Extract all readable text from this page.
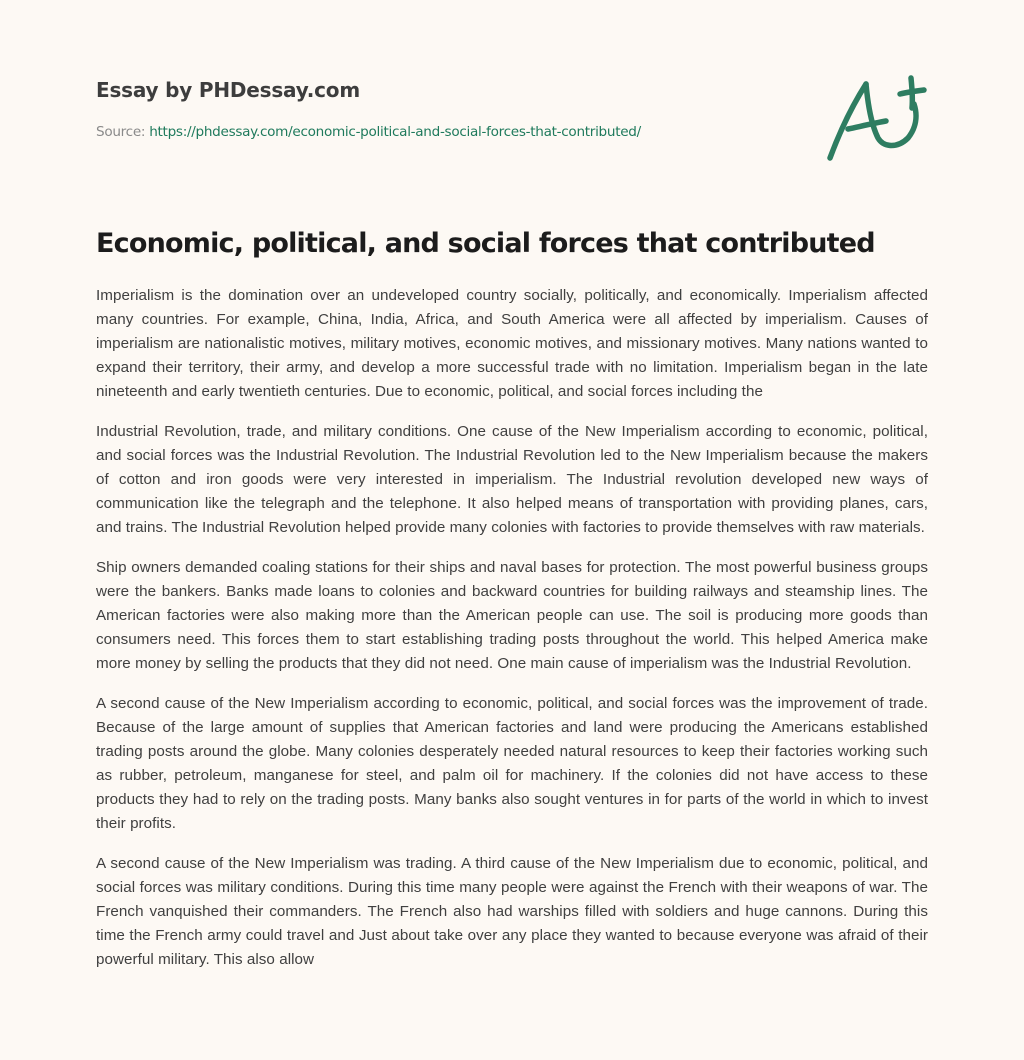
Essay by PHDessay.com
Source: https://phdessay.com/economic-political-and-social-forces-that-contributed/
Economic, political, and social forces that contributed

Imperialism is the domination over an undeveloped country socially, politically, and economically. Imperialism affected many countries. For example, China, India, Africa, and South America were all affected by imperialism. Causes of imperialism are nationalistic motives, military motives, economic motives, and missionary motives. Many nations wanted to expand their territory, their army, and develop a more successful trade with no limitation. Imperialism began in the late nineteenth and early twentieth centuries. Due to economic, political, and social forces including the

Industrial Revolution, trade, and military conditions. One cause of the New Imperialism according to economic, political, and social forces was the Industrial Revolution. The Industrial Revolution led to the New Imperialism because the makers of cotton and iron goods were very interested in imperialism. The Industrial revolution developed new ways of communication like the telegraph and the telephone. It also helped means of transportation with providing planes, cars, and trains. The Industrial Revolution helped provide many colonies with factories to provide themselves with raw materials.

Ship owners demanded coaling stations for their ships and naval bases for protection. The most powerful business groups were the bankers. Banks made loans to colonies and backward countries for building railways and steamship lines. The American factories were also making more than the American people can use. The soil is producing more goods than consumers need. This forces them to start establishing trading posts throughout the world. This helped America make more money by selling the products that they did not need. One main cause of imperialism was the Industrial Revolution.

A second cause of the New Imperialism according to economic, political, and social forces was the improvement of trade. Because of the large amount of supplies that American factories and land were producing the Americans established trading posts around the globe. Many colonies desperately needed natural resources to keep their factories working such as rubber, petroleum, manganese for steel, and palm oil for machinery. If the colonies did not have access to these products they had to rely on the trading posts. Many banks also sought ventures in for parts of the world in which to invest their profits.

A second cause of the New Imperialism was trading. A third cause of the New Imperialism due to economic, political, and social forces was military conditions. During this time many people were against the French with their weapons of war. The French vanquished their commanders. The French also had warships filled with soldiers and huge cannons. During this time the French army could travel and Just about take over any place they wanted to because everyone was afraid of their powerful military. This also allow
